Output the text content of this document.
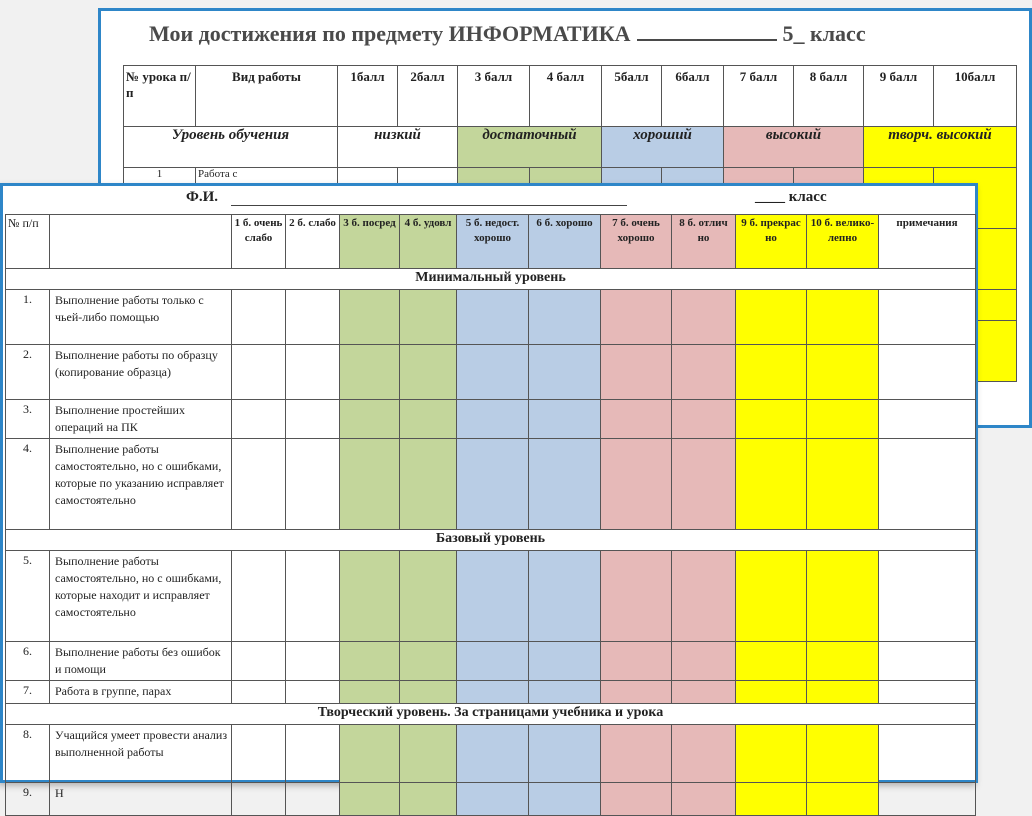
Мои достижения по предмету ИНФОРМАТИКА	5_ класс
№ урока п/п	Вид работы	1балл	2балл	3 балл	4 балл	5балл	6балл	7 балл	8 балл	9 балл	10балл
Уровень обучения		низкий		достаточный		хороший		высокий		творч. высокий	
1	Работа с										

Ф.И.	____ класс
№ п/п		1 б. очень слабо	2 б. слабо	3 б. посред	4 б. удовл	5 б. недост. хорошо	6 б. хорошо	7 б. очень хорошо	8 б. отлич но	9 б. прекрас но	10 б. велико-лепно	примечания
Минимальный уровень												
1.	Выполнение работы только с чьей-либо помощью											
2.	Выполнение работы по образцу (копирование образца)											
3.	Выполнение простейших операций на ПК											
4.	Выполнение работы самостоятельно, но с ошибками, которые по указанию исправляет самостоятельно											
Базовый уровень												
5.	Выполнение работы самостоятельно, но с ошибками, которые находит и исправляет самостоятельно											
6.	Выполнение работы без ошибок и помощи											
7.	Работа в группе, парах											
Творческий уровень. За страницами учебника и урока												
8.	Учащийся умеет провести анализ выполненной работы											
9.	Н											
